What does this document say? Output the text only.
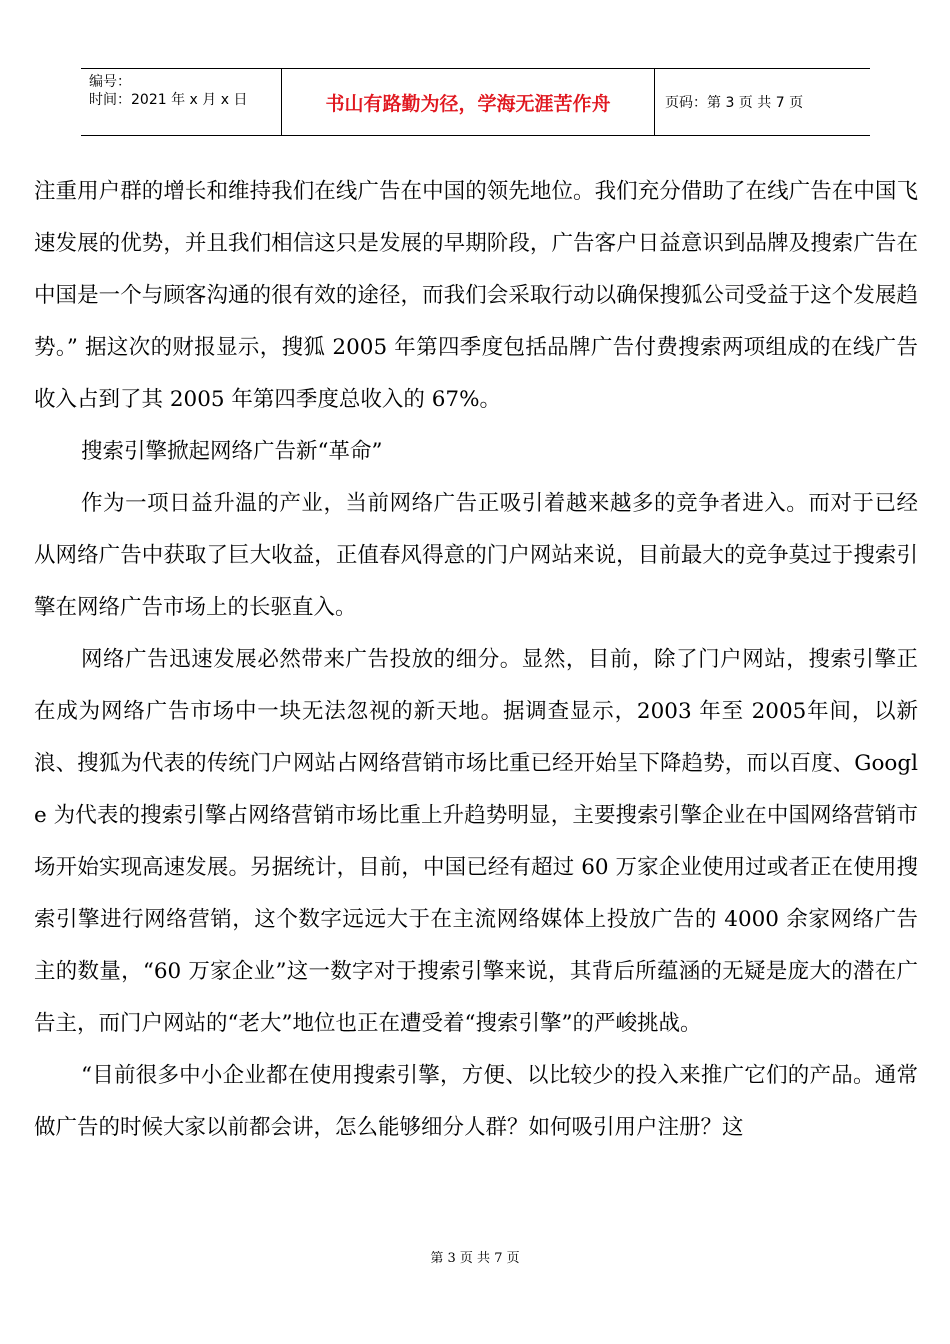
编号：
时间：2021 年 x 月 x 日	书山有路勤为径，学海无涯苦作舟	页码：第 3 页 共 7 页

注重用户群的增长和维持我们在线广告在中国的领先地位。我们充分借助了在线广告在中国飞速发展的优势，并且我们相信这只是发展的早期阶段，广告客户日益意识到品牌及搜索广告在中国是一个与顾客沟通的很有效的途径，而我们会采取行动以确保搜狐公司受益于这个发展趋势。” 据这次的财报显示，搜狐 2005 年第四季度包括品牌广告付费搜索两项组成的在线广告收入占到了其 2005 年第四季度总收入的 67%。

搜索引擎掀起网络广告新“革命”

作为一项日益升温的产业，当前网络广告正吸引着越来越多的竞争者进入。而对于已经从网络广告中获取了巨大收益，正值春风得意的门户网站来说，目前最大的竞争莫过于搜索引擎在网络广告市场上的长驱直入。

网络广告迅速发展必然带来广告投放的细分。显然，目前，除了门户网站，搜索引擎正在成为网络广告市场中一块无法忽视的新天地。据调查显示，2003 年至 2005年间，以新浪、搜狐为代表的传统门户网站占网络营销市场比重已经开始呈下降趋势，而以百度、Google 为代表的搜索引擎占网络营销市场比重上升趋势明显，主要搜索引擎企业在中国网络营销市场开始实现高速发展。另据统计，目前，中国已经有超过 60 万家企业使用过或者正在使用搜索引擎进行网络营销，这个数字远远大于在主流网络媒体上投放广告的 4000 余家网络广告主的数量，“60 万家企业”这一数字对于搜索引擎来说，其背后所蕴涵的无疑是庞大的潜在广告主，而门户网站的“老大”地位也正在遭受着“搜索引擎”的严峻挑战。

“目前很多中小企业都在使用搜索引擎，方便、以比较少的投入来推广它们的产品。通常做广告的时候大家以前都会讲，怎么能够细分人群？如何吸引用户注册？这

第 3 页 共 7 页
